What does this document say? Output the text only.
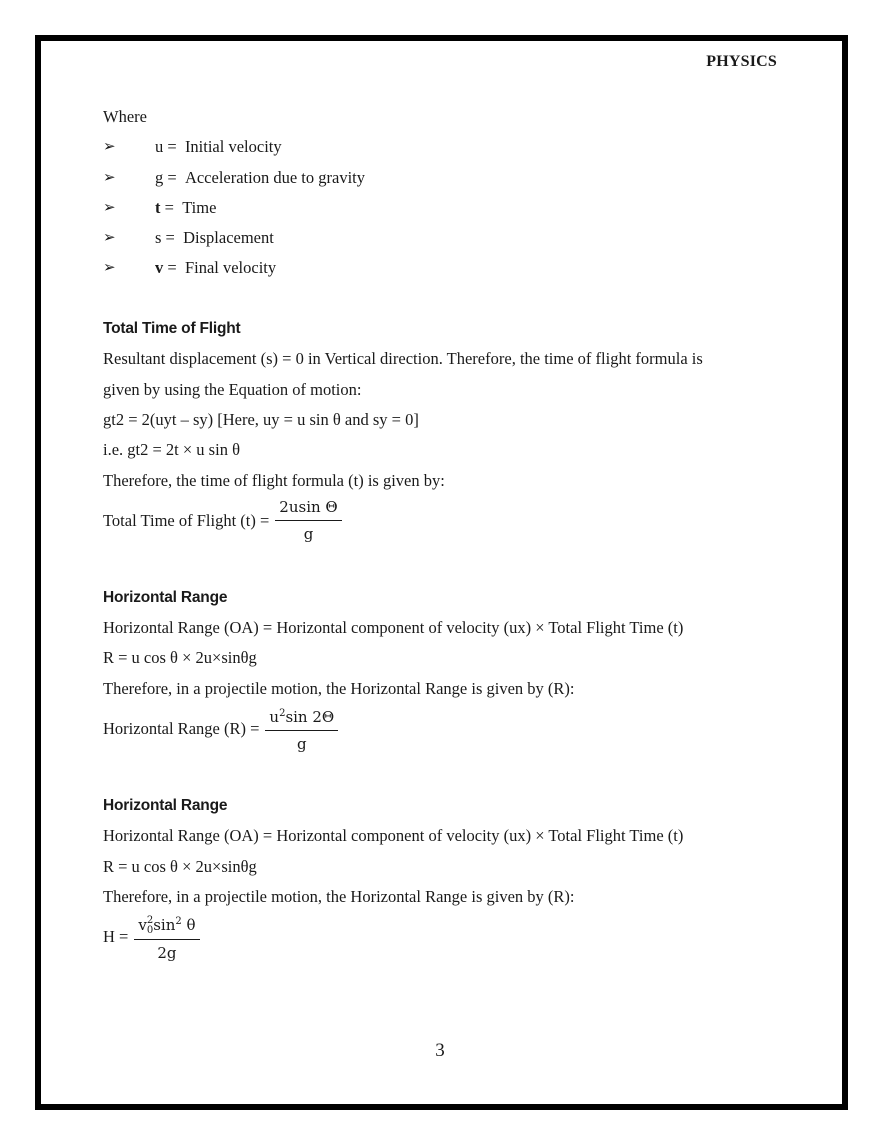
PHYSICS
Where
➢	u
=
Initial velocity
➢	g
=
Acceleration due to gravity
➢	t
=
Time
➢	s
=
Displacement
➢	v
=
Final velocity
Total Time of Flight
Resultant displacement (s) = 0 in Vertical direction. Therefore, the time of flight formula is
given by using the Equation of motion:
gt2 = 2(uyt – sy) [Here, uy = u sin θ and sy = 0]
i.e. gt2 = 2t × u sin θ
Therefore, the time of flight formula (t) is given by:
Total Time of Flight $(t) = \frac{\text{2usin Θ}}{g}$
Horizontal Range
Horizontal Range (OA) = Horizontal component of velocity (ux) × Total Flight Time (t)
R = u cos θ × 2u×sinθg
Therefore, in a projectile motion, the Horizontal Range is given by (R):
Horizontal Range $(R) = \frac{u^2\sin 2\Theta}{g}$
Horizontal Range
Horizontal Range (OA) = Horizontal component of velocity (ux) × Total Flight Time (t)
R = u cos θ × 2u×sinθg
Therefore, in a projectile motion, the Horizontal Range is given by (R):
H = v 2
0 $\sin^2 \theta$
2g
3
